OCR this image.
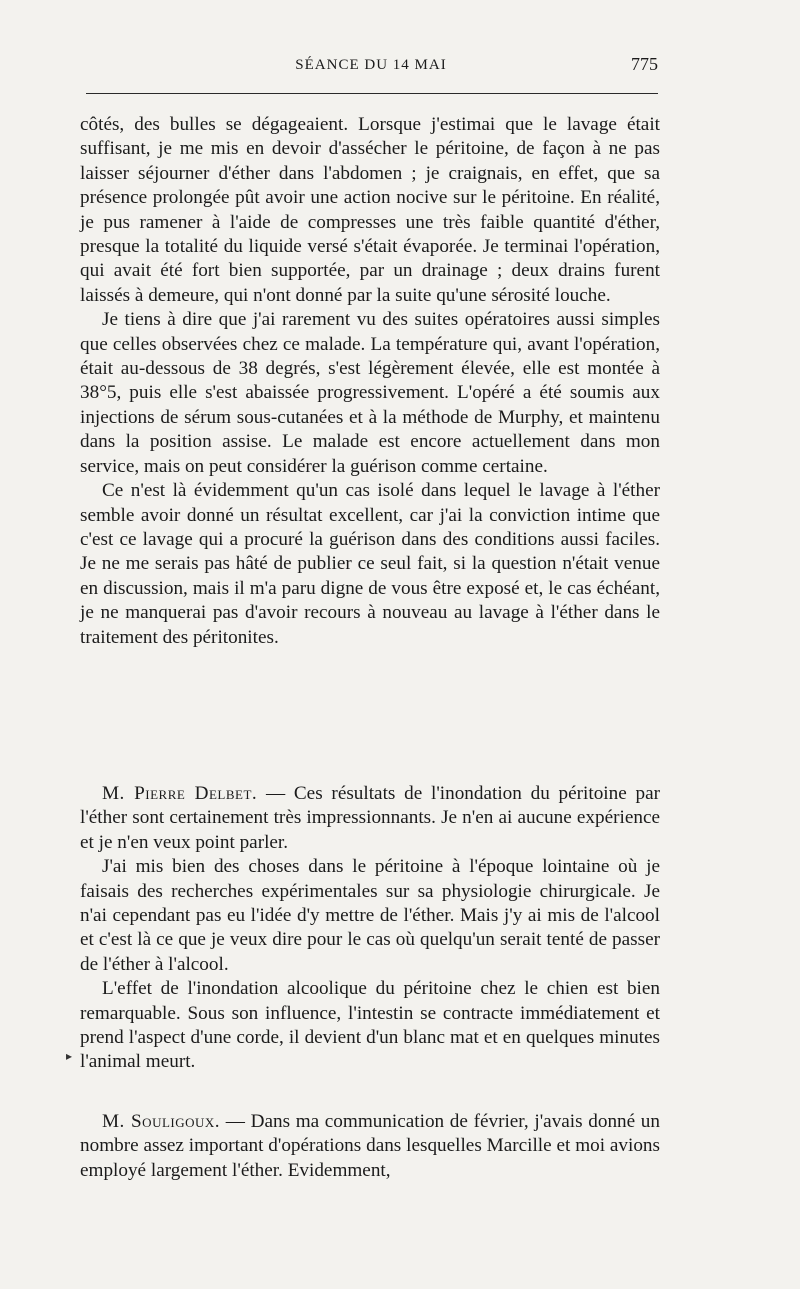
SÉANCE DU 14 MAI	775

côtés, des bulles se dégageaient. Lorsque j'estimai que le lavage était suffisant, je me mis en devoir d'assécher le péritoine, de façon à ne pas laisser séjourner d'éther dans l'abdomen ; je craignais, en effet, que sa présence prolongée pût avoir une action nocive sur le péritoine. En réalité, je pus ramener à l'aide de compresses une très faible quantité d'éther, presque la totalité du liquide versé s'était évaporée. Je terminai l'opération, qui avait été fort bien supportée, par un drainage ; deux drains furent laissés à demeure, qui n'ont donné par la suite qu'une sérosité louche.

Je tiens à dire que j'ai rarement vu des suites opératoires aussi simples que celles observées chez ce malade. La température qui, avant l'opération, était au-dessous de 38 degrés, s'est légèrement élevée, elle est montée à 38°5, puis elle s'est abaissée progressivement. L'opéré a été soumis aux injections de sérum sous-cutanées et à la méthode de Murphy, et maintenu dans la position assise. Le malade est encore actuellement dans mon service, mais on peut considérer la guérison comme certaine.

Ce n'est là évidemment qu'un cas isolé dans lequel le lavage à l'éther semble avoir donné un résultat excellent, car j'ai la conviction intime que c'est ce lavage qui a procuré la guérison dans des conditions aussi faciles. Je ne me serais pas hâté de publier ce seul fait, si la question n'était venue en discussion, mais il m'a paru digne de vous être exposé et, le cas échéant, je ne manquerai pas d'avoir recours à nouveau au lavage à l'éther dans le traitement des péritonites.

M. Pierre Delbet. — Ces résultats de l'inondation du péritoine par l'éther sont certainement très impressionnants. Je n'en ai aucune expérience et je n'en veux point parler.

J'ai mis bien des choses dans le péritoine à l'époque lointaine où je faisais des recherches expérimentales sur sa physiologie chirurgicale. Je n'ai cependant pas eu l'idée d'y mettre de l'éther. Mais j'y ai mis de l'alcool et c'est là ce que je veux dire pour le cas où quelqu'un serait tenté de passer de l'éther à l'alcool.

L'effet de l'inondation alcoolique du péritoine chez le chien est bien remarquable. Sous son influence, l'intestin se contracte immédiatement et prend l'aspect d'une corde, il devient d'un blanc mat et en quelques minutes l'animal meurt.

▸

M. Souligoux. — Dans ma communication de février, j'avais donné un nombre assez important d'opérations dans lesquelles Marcille et moi avions employé largement l'éther. Evidemment,
